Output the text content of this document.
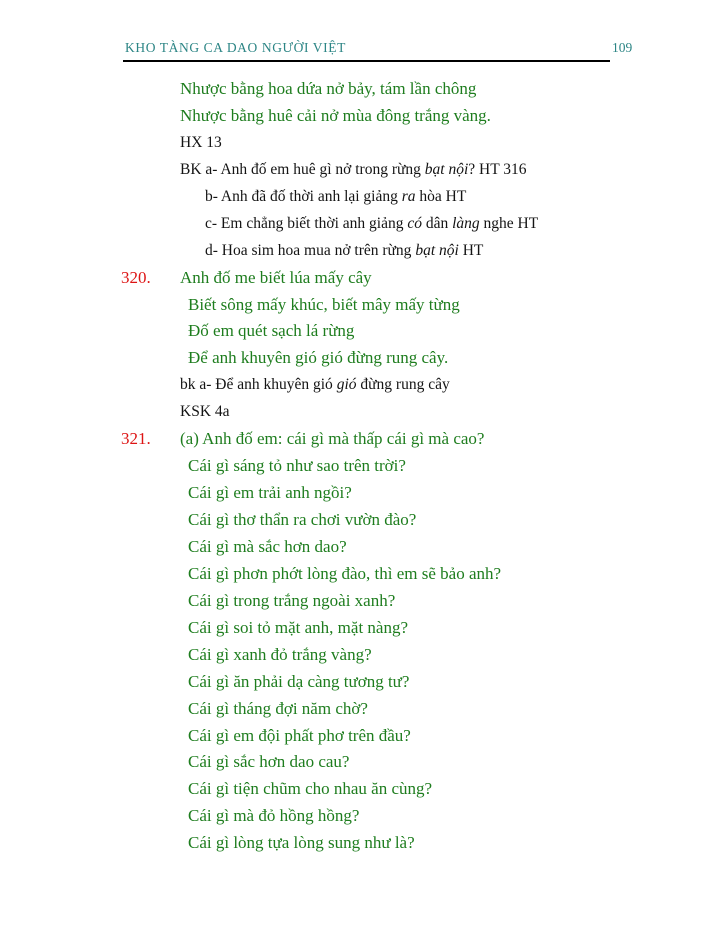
KHO TÀNG CA DAO NGƯỜI VIỆT	109
Nhược bằng hoa dứa nở bảy, tám lần chông
Nhược bằng huê cải nở mùa đông trắng vàng.
HX 13
BK a- Anh đố em huê gì nở trong rừng bạt nội? HT 316
b- Anh đã đố thời anh lại giảng ra hòa HT
c- Em chẳng biết thời anh giảng có dân làng nghe HT
d- Hoa sim hoa mua nở trên rừng bạt nội HT
320. Anh đố me biết lúa mấy cây
Biết sông mấy khúc, biết mây mấy từng
Đố em quét sạch lá rừng
Để anh khuyên gió gió đừng rung cây.
bk a- Để anh khuyên gió gió đừng rung cây
KSK 4a
321. (a) Anh đố em: cái gì mà thấp cái gì mà cao?
Cái gì sáng tỏ như sao trên trời?
Cái gì em trải anh ngồi?
Cái gì thơ thẩn ra chơi vườn đào?
Cái gì mà sắc hơn dao?
Cái gì phơn phớt lòng đào, thì em sẽ bảo anh?
Cái gì trong trắng ngoài xanh?
Cái gì soi tỏ mặt anh, mặt nàng?
Cái gì xanh đỏ trắng vàng?
Cái gì ăn phải dạ càng tương tư?
Cái gì tháng đợi năm chờ?
Cái gì em đội phất phơ trên đầu?
Cái gì sắc hơn dao cau?
Cái gì tiện chũm cho nhau ăn cùng?
Cái gì mà đỏ hồng hồng?
Cái gì lòng tựa lòng sung như là?
